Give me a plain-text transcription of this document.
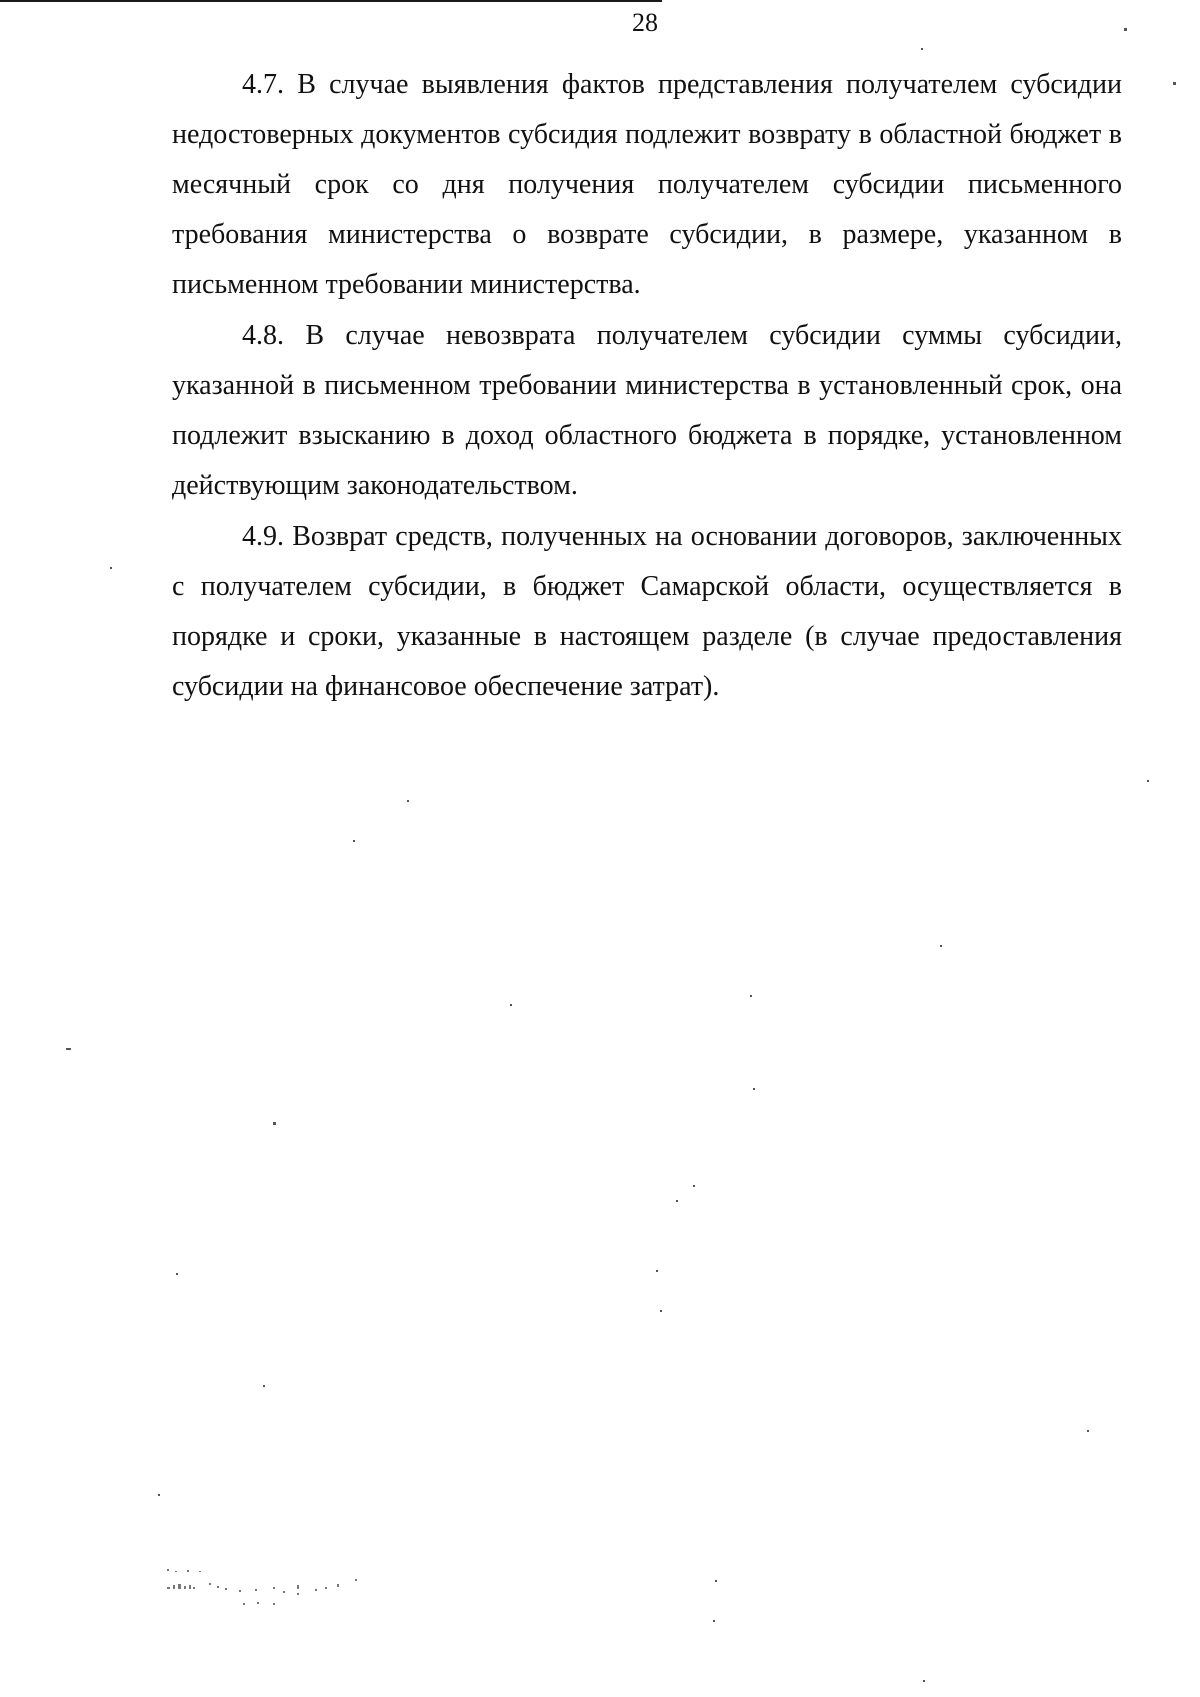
28

4.7. В случае выявления фактов представления получателем субсидии недостоверных документов субсидия подлежит возврату в областной бюджет в месячный срок со дня получения получателем субсидии письменного требования министерства о возврате субсидии, в размере, указанном в письменном требовании министерства.

4.8. В случае невозврата получателем субсидии суммы субсидии, указанной в письменном требовании министерства в установленный срок, она подлежит взысканию в доход областного бюджета в порядке, установленном действующим законодательством.

4.9. Возврат средств, полученных на основании договоров, заключенных с получателем субсидии, в бюджет Самарской области, осуществляется в порядке и сроки, указанные в настоящем разделе (в случае предоставления субсидии на финансовое обеспечение затрат).
